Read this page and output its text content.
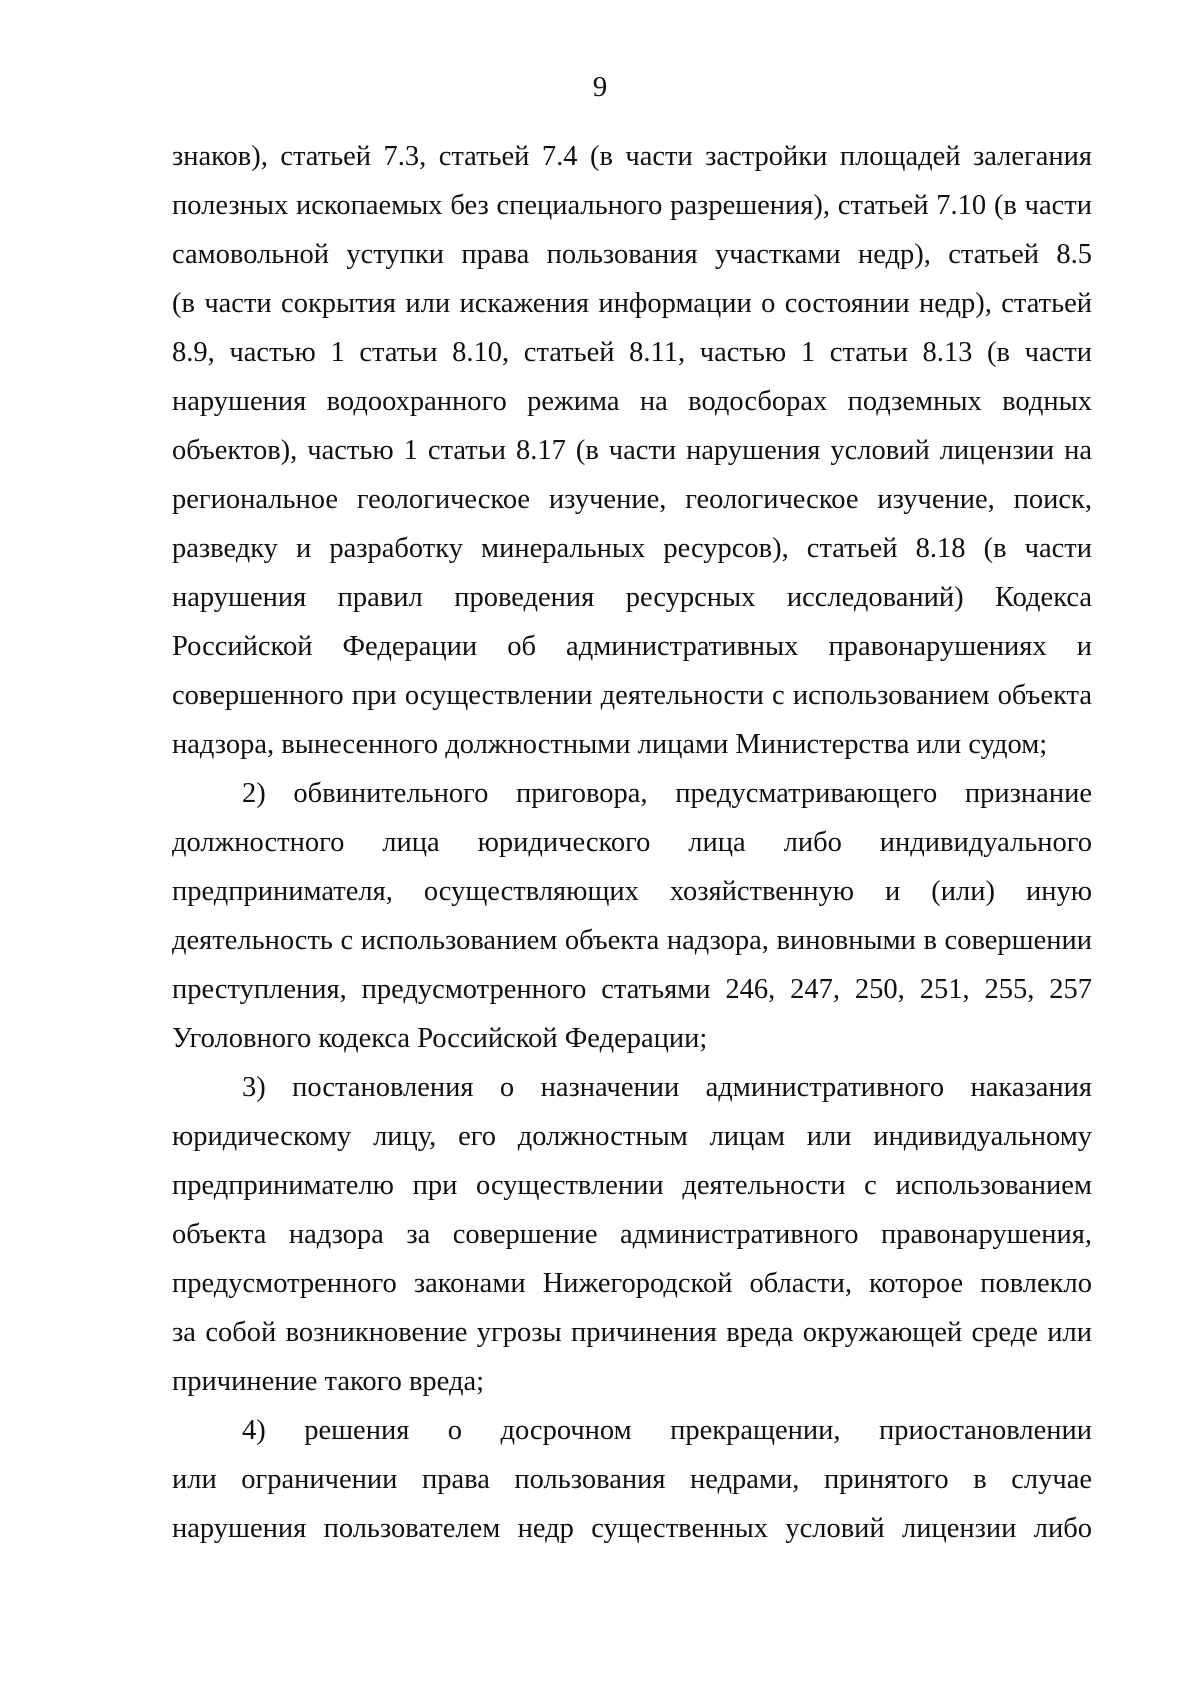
9
знаков), статьей 7.3, статьей 7.4 (в части застройки площадей залегания
полезных ископаемых без специального разрешения), статьей 7.10 (в части
самовольной уступки права пользования участками недр), статьей 8.5
(в части сокрытия или искажения информации о состоянии недр), статьей
8.9, частью 1 статьи 8.10, статьей 8.11, частью 1 статьи 8.13 (в части
нарушения водоохранного режима на водосборах подземных водных
объектов), частью 1 статьи 8.17 (в части нарушения условий лицензии на
региональное геологическое изучение, геологическое изучение, поиск,
разведку и разработку минеральных ресурсов), статьей 8.18 (в части
нарушения правил проведения ресурсных исследований) Кодекса
Российской Федерации об административных правонарушениях и
совершенного при осуществлении деятельности с использованием объекта
надзора, вынесенного должностными лицами Министерства или судом;
2) обвинительного приговора, предусматривающего признание
должностного лица юридического лица либо индивидуального
предпринимателя, осуществляющих хозяйственную и (или) иную
деятельность с использованием объекта надзора, виновными в совершении
преступления, предусмотренного статьями 246, 247, 250, 251, 255, 257
Уголовного кодекса Российской Федерации;
3) постановления о назначении административного наказания
юридическому лицу, его должностным лицам или индивидуальному
предпринимателю при осуществлении деятельности с использованием
объекта надзора за совершение административного правонарушения,
предусмотренного законами Нижегородской области, которое повлекло
за собой возникновение угрозы причинения вреда окружающей среде или
причинение такого вреда;
4) решения о досрочном прекращении, приостановлении
или ограничении права пользования недрами, принятого в случае
нарушения пользователем недр существенных условий лицензии либо
